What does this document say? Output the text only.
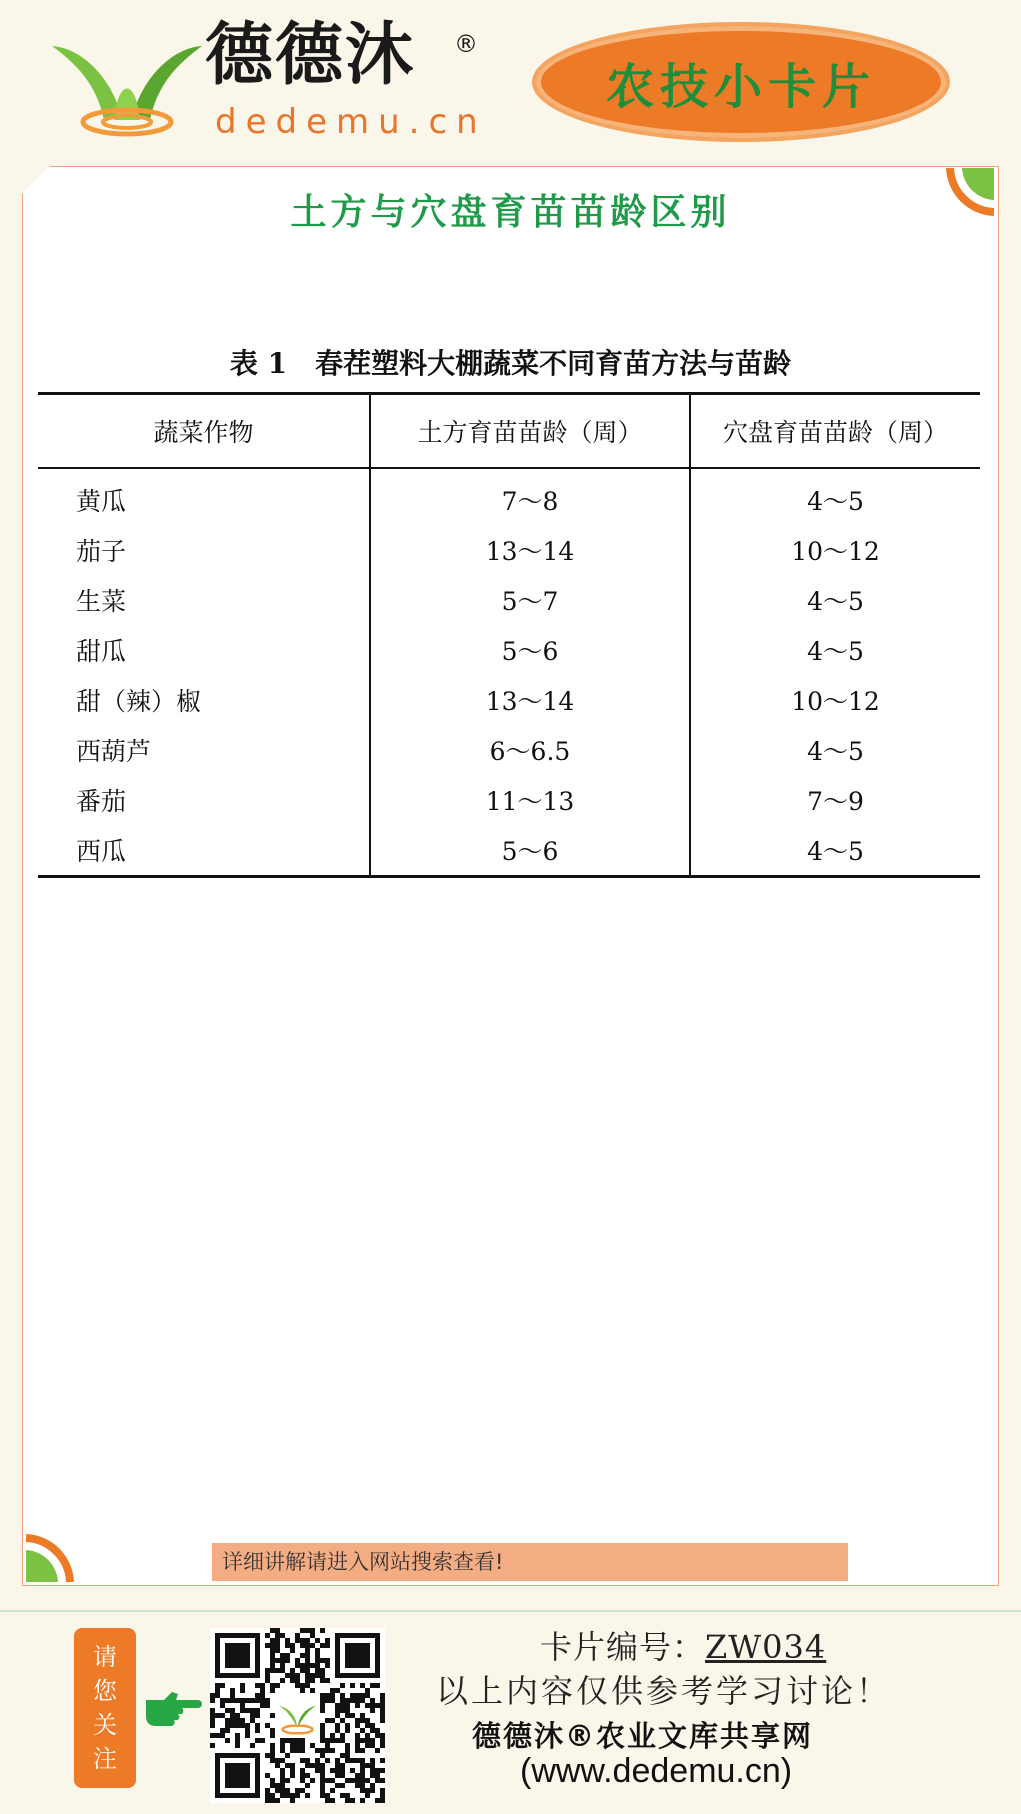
德德沐 ®
dedemu.cn
农技小卡片
土方与穴盘育苗苗龄区别
表 1　春茬塑料大棚蔬菜不同育苗方法与苗龄
蔬菜作物	土方育苗苗龄（周）	穴盘育苗苗龄（周）
黄瓜	7～8	4～5
茄子	13～14	10～12
生菜	5～7	4～5
甜瓜	5～6	4～5
甜（辣）椒	13～14	10～12
西葫芦	6～6.5	4～5
番茄	11～13	7～9
西瓜	5～6	4～5
详细讲解请进入网站搜索查看!
请您关注
卡片编号：ZW034
以上内容仅供参考学习讨论！
德德沐®农业文库共享网
(www.dedemu.cn)
